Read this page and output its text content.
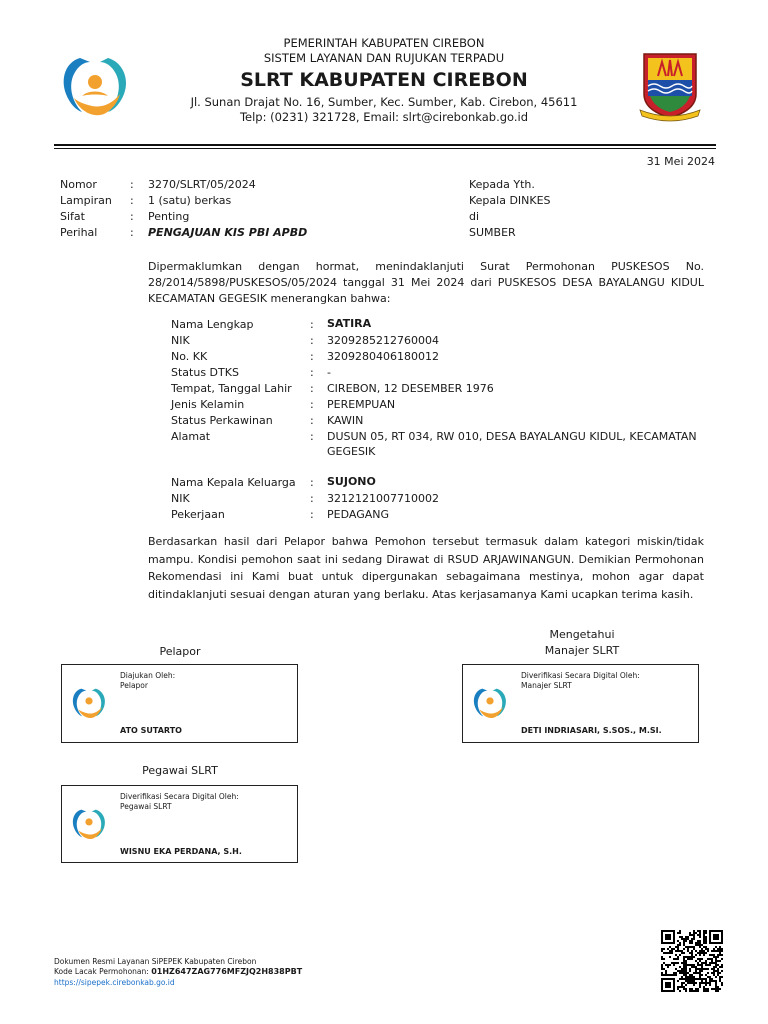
PEMERINTAH KABUPATEN CIREBON
SISTEM LAYANAN DAN RUJUKAN TERPADU
SLRT KABUPATEN CIREBON
Jl. Sunan Drajat No. 16, Sumber, Kec. Sumber, Kab. Cirebon, 45611
Telp: (0231) 321728, Email: slrt@cirebonkab.go.id
31 Mei 2024
Nomor	: 3270/SLRT/05/2024
Lampiran : 1 (satu) berkas
Sifat	: Penting
Perihal	: PENGAJUAN KIS PBI APBD
Kepada Yth.
Kepala DINKES
di
SUMBER
Dipermaklumkan dengan hormat, menindaklanjuti Surat Permohonan PUSKESOS No. 28/2014/5898/PUSKESOS/05/2024 tanggal 31 Mei 2024 dari PUSKESOS DESA BAYALANGU KIDUL KECAMATAN GEGESIK menerangkan bahwa:
Nama Lengkap	: SATIRA
NIK	: 3209285212760004
No. KK	: 3209280406180012
Status DTKS	: -
Tempat, Tanggal Lahir : CIREBON, 12 DESEMBER 1976
Jenis Kelamin	: PEREMPUAN
Status Perkawinan	: KAWIN
Alamat	: DUSUN 05, RT 034, RW 010, DESA BAYALANGU KIDUL, KECAMATAN
GEGESIK
Nama Kepala Keluarga : SUJONO
NIK	: 3212121007710002
Pekerjaan	: PEDAGANG
Berdasarkan hasil dari Pelapor bahwa Pemohon tersebut termasuk dalam kategori miskin/tidak mampu. Kondisi pemohon saat ini sedang Dirawat di RSUD ARJAWINANGUN. Demikian Permohonan Rekomendasi ini Kami buat untuk dipergunakan sebagaimana mestinya, mohon agar dapat ditindaklanjuti sesuai dengan aturan yang berlaku. Atas kerjasamanya Kami ucapkan terima kasih.
Pelapor
Diajukan Oleh:
Pelapor
ATO SUTARTO
Mengetahui
Manajer SLRT
Diverifikasi Secara Digital Oleh:
Manajer SLRT
DETI INDRIASARI, S.SOS., M.SI.
Pegawai SLRT
Diverifikasi Secara Digital Oleh:
Pegawai SLRT
WISNU EKA PERDANA, S.H.
Dokumen Resmi Layanan SiPEPEK Kabupaten Cirebon
Kode Lacak Permohonan: 01HZ647ZAG776MFZJQ2H838PBT
https://sipepek.cirebonkab.go.id
